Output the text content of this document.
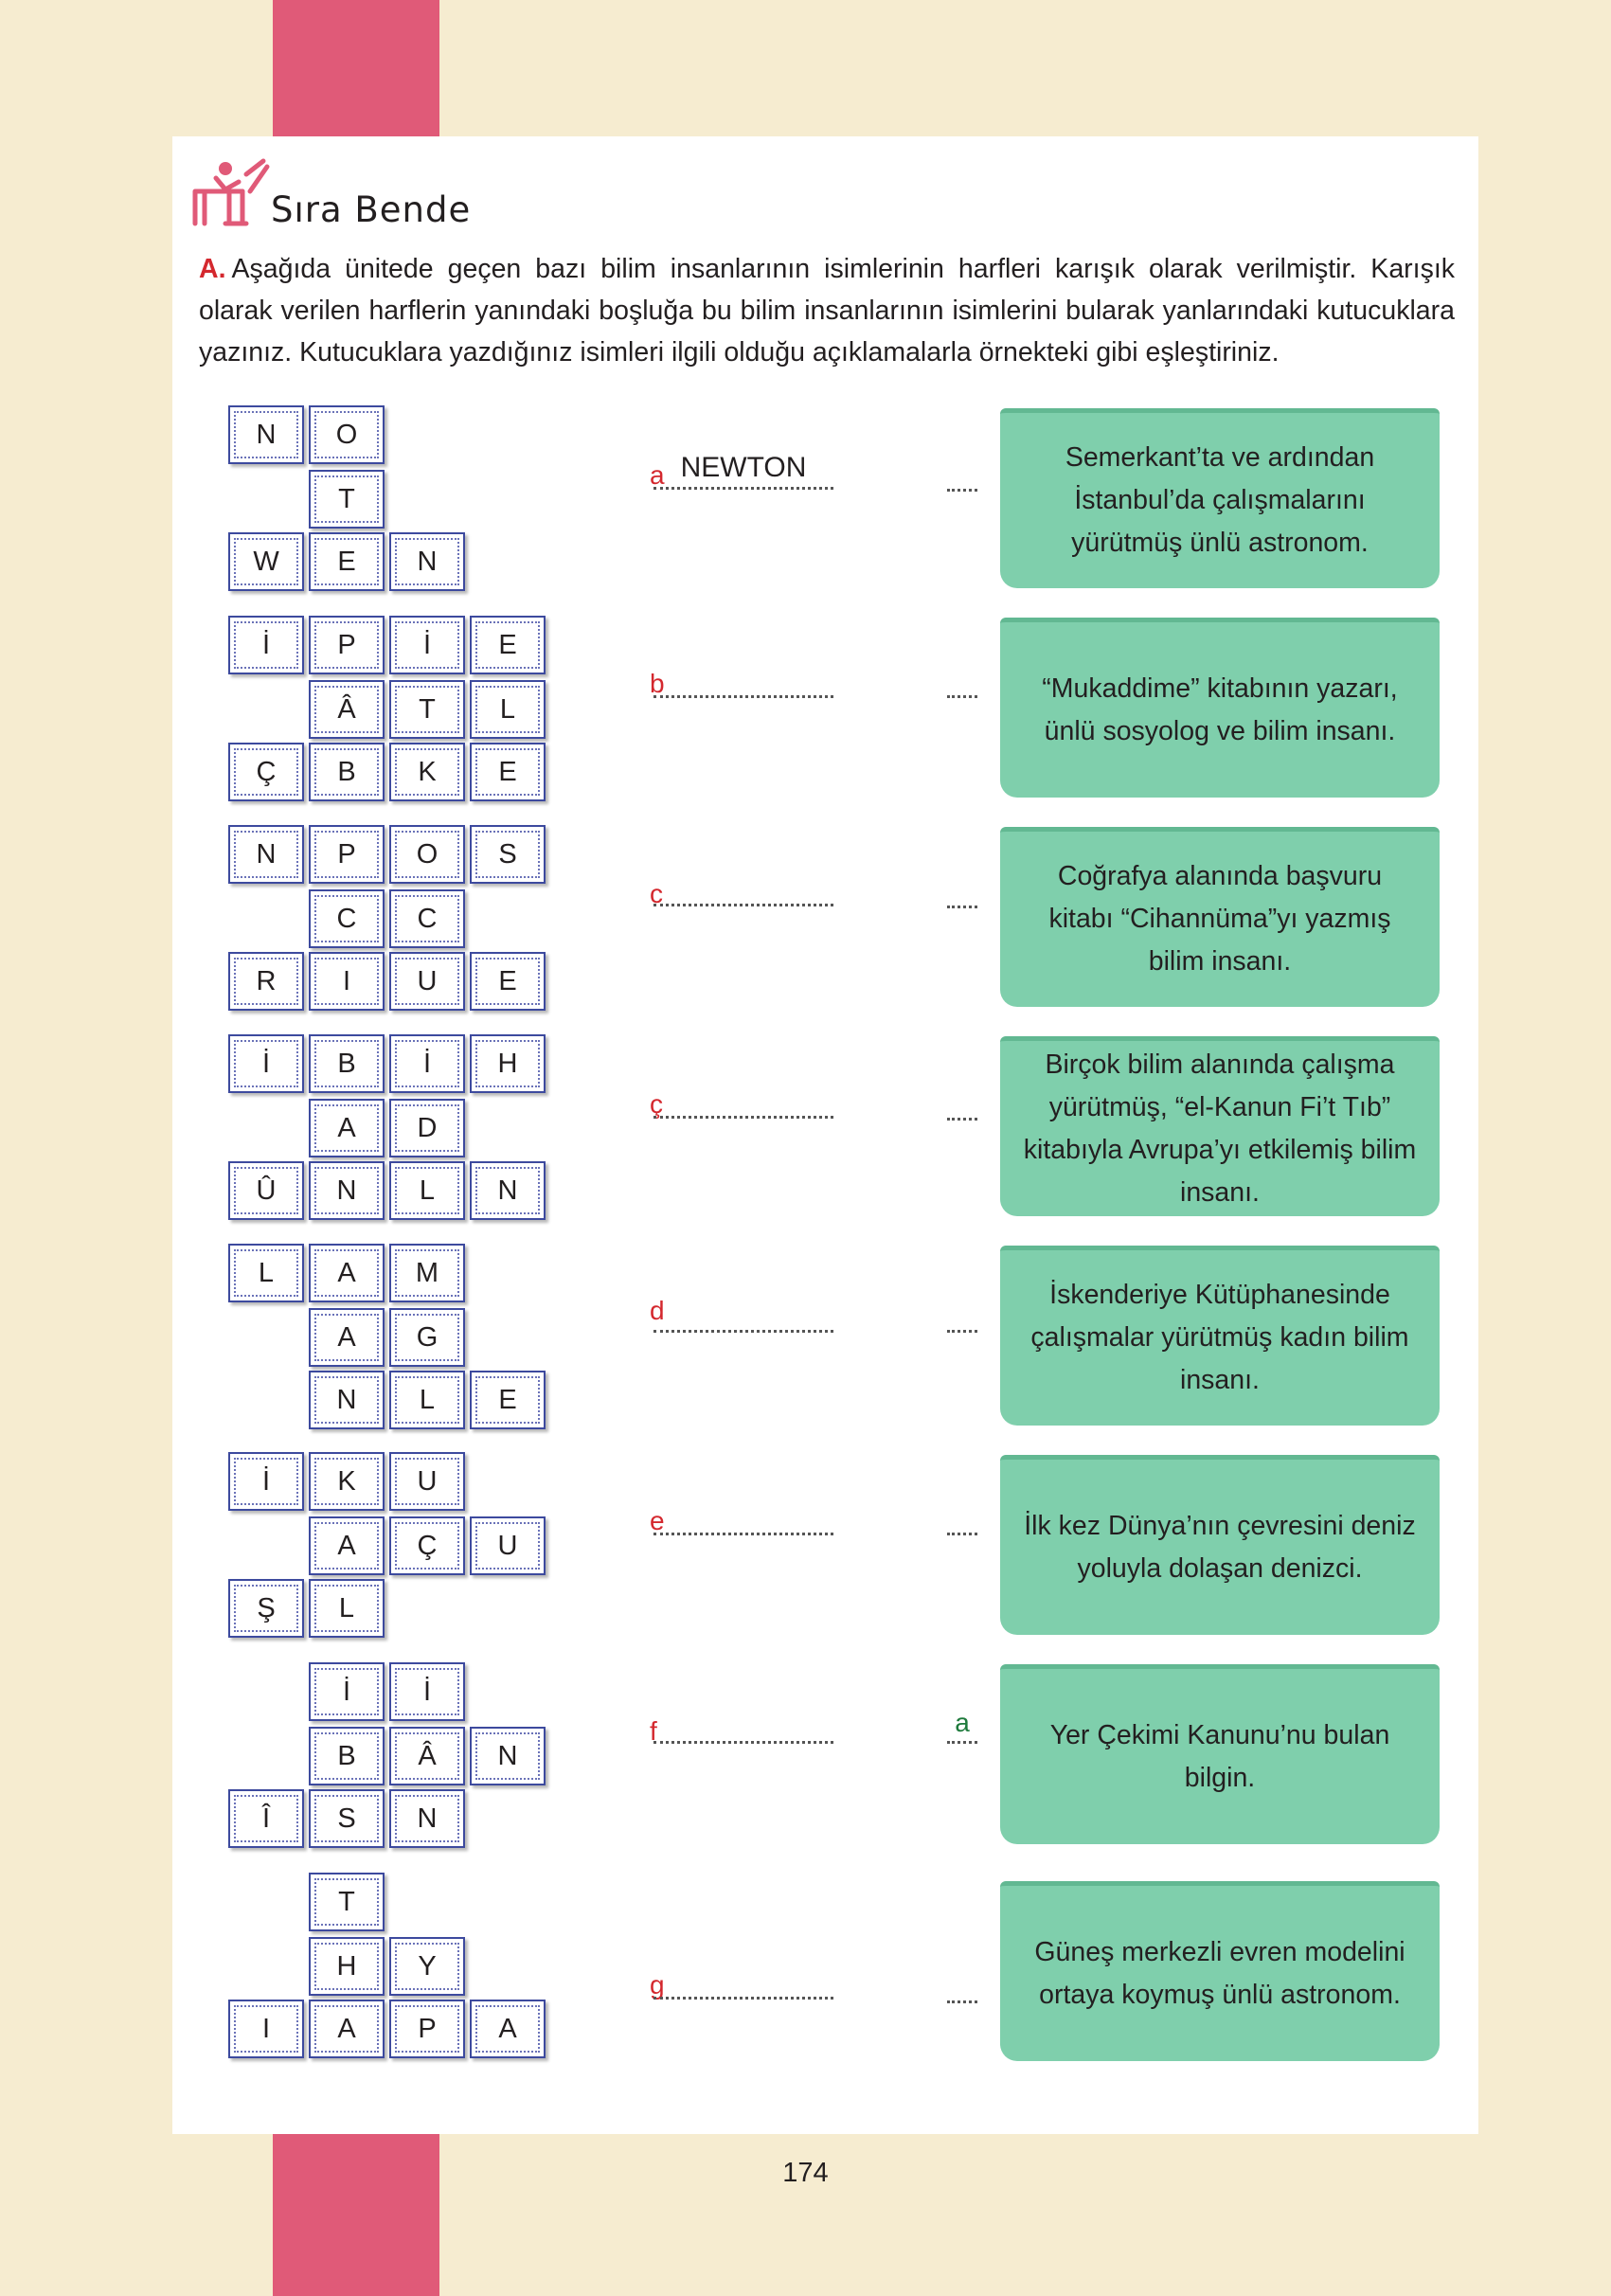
Sıra Bende
A. Aşağıda ünitede geçen bazı bilim insanlarının isimlerinin harfleri karışık olarak verilmiştir. Karışık olarak verilen harflerin yanındaki boşluğa bu bilim insanlarının isimlerini bularak yanlarındaki kutucuklara yazınız. Kutucuklara yazdığınız isimleri ilgili olduğu açıklamalarla örnekteki gibi eşleştiriniz.
N	O
T
W	E	N
İ	P	İ	E
Â	T	L
Ç	B	K	E
N	P	O	S
C	C
R	I	U	E
İ	B	İ	H
A	D
Û	N	L	N
L	A	M
A	G
N	L	E
İ	K	U
A	Ç	U
Ş	L
İ	İ
B	Â	N
Î	S	N
T
H	Y
I	A	P	A
a NEWTON
b
c
ç
d
e
f	a
g
Semerkant’ta ve ardından İstanbul’da çalışmalarını yürütmüş ünlü astronom.
“Mukaddime” kitabının yazarı, ünlü sosyolog ve bilim insanı.
Coğrafya alanında başvuru kitabı “Cihannüma”yı yazmış bilim insanı.
Birçok bilim alanında çalışma yürütmüş, “el-Kanun Fi’t Tıb” kitabıyla Avrupa’yı etkilemiş bilim insanı.
İskenderiye Kütüphanesinde çalışmalar yürütmüş kadın bilim insanı.
İlk kez Dünya’nın çevresini deniz yoluyla dolaşan denizci.
Yer Çekimi Kanunu’nu bulan bilgin.
Güneş merkezli evren modelini ortaya koymuş ünlü astronom.
174
